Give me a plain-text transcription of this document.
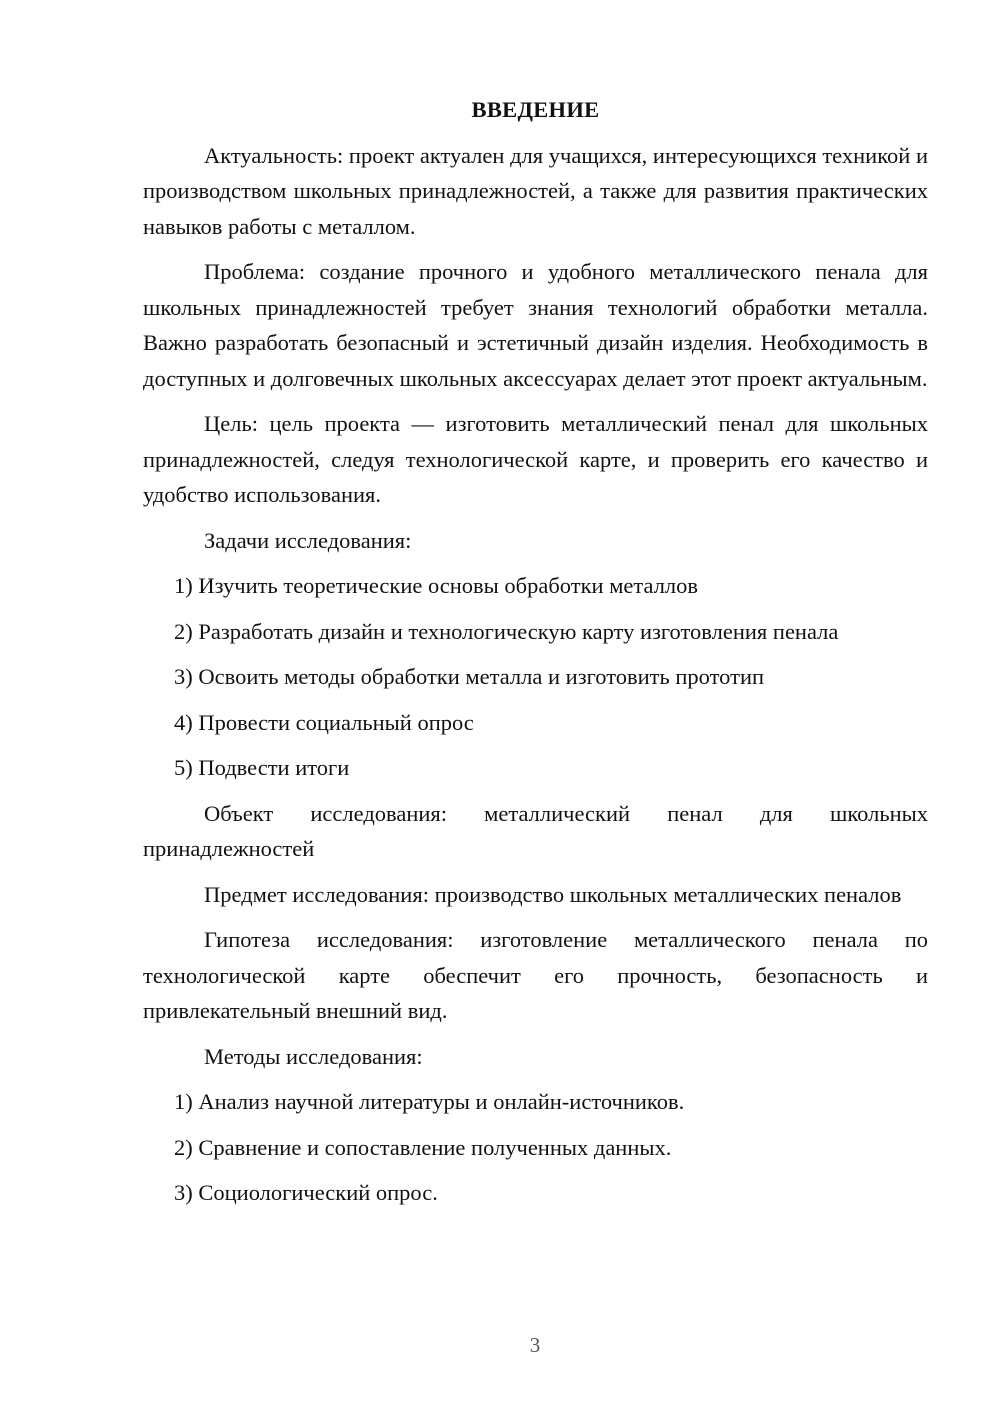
ВВЕДЕНИЕ

Актуальность: проект актуален для учащихся, интересующихся техникой и производством школьных принадлежностей, а также для развития практических навыков работы с металлом.

Проблема: создание прочного и удобного металлического пенала для школьных принадлежностей требует знания технологий обработки металла. Важно разработать безопасный и эстетичный дизайн изделия. Необходимость в доступных и долговечных школьных аксессуарах делает этот проект актуальным.

Цель: цель проекта — изготовить металлический пенал для школьных принадлежностей, следуя технологической карте, и проверить его качество и удобство использования.

Задачи исследования:

1) Изучить теоретические основы обработки металлов
2) Разработать дизайн и технологическую карту изготовления пенала
3) Освоить методы обработки металла и изготовить прототип
4) Провести социальный опрос
5) Подвести итоги

Объект исследования: металлический пенал для школьных принадлежностей

Предмет исследования: производство школьных металлических пеналов

Гипотеза исследования: изготовление металлического пенала по технологической карте обеспечит его прочность, безопасность и привлекательный внешний вид.

Методы исследования:

1) Анализ научной литературы и онлайн-источников.
2) Сравнение и сопоставление полученных данных.
3) Социологический опрос.
3
